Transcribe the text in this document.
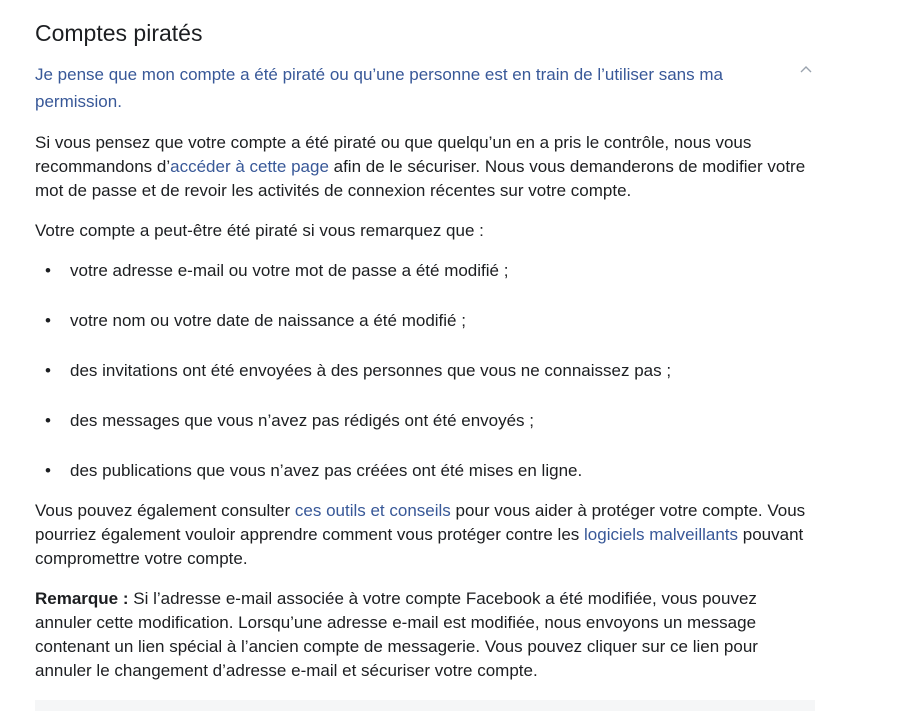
Comptes piratés

Je pense que mon compte a été piraté ou qu’une personne est en train de l’utiliser sans ma permission.

Si vous pensez que votre compte a été piraté ou que quelqu’un en a pris le contrôle, nous vous recommandons d’accéder à cette page afin de le sécuriser. Nous vous demanderons de modifier votre mot de passe et de revoir les activités de connexion récentes sur votre compte.

Votre compte a peut-être été piraté si vous remarquez que :

• votre adresse e-mail ou votre mot de passe a été modifié ;
• votre nom ou votre date de naissance a été modifié ;
• des invitations ont été envoyées à des personnes que vous ne connaissez pas ;
• des messages que vous n’avez pas rédigés ont été envoyés ;
• des publications que vous n’avez pas créées ont été mises en ligne.

Vous pouvez également consulter ces outils et conseils pour vous aider à protéger votre compte. Vous pourriez également vouloir apprendre comment vous protéger contre les logiciels malveillants pouvant compromettre votre compte.

Remarque : Si l’adresse e-mail associée à votre compte Facebook a été modifiée, vous pouvez annuler cette modification. Lorsqu’une adresse e-mail est modifiée, nous envoyons un message contenant un lien spécial à l’ancien compte de messagerie. Vous pouvez cliquer sur ce lien pour annuler le changement d’adresse e-mail et sécuriser votre compte.
